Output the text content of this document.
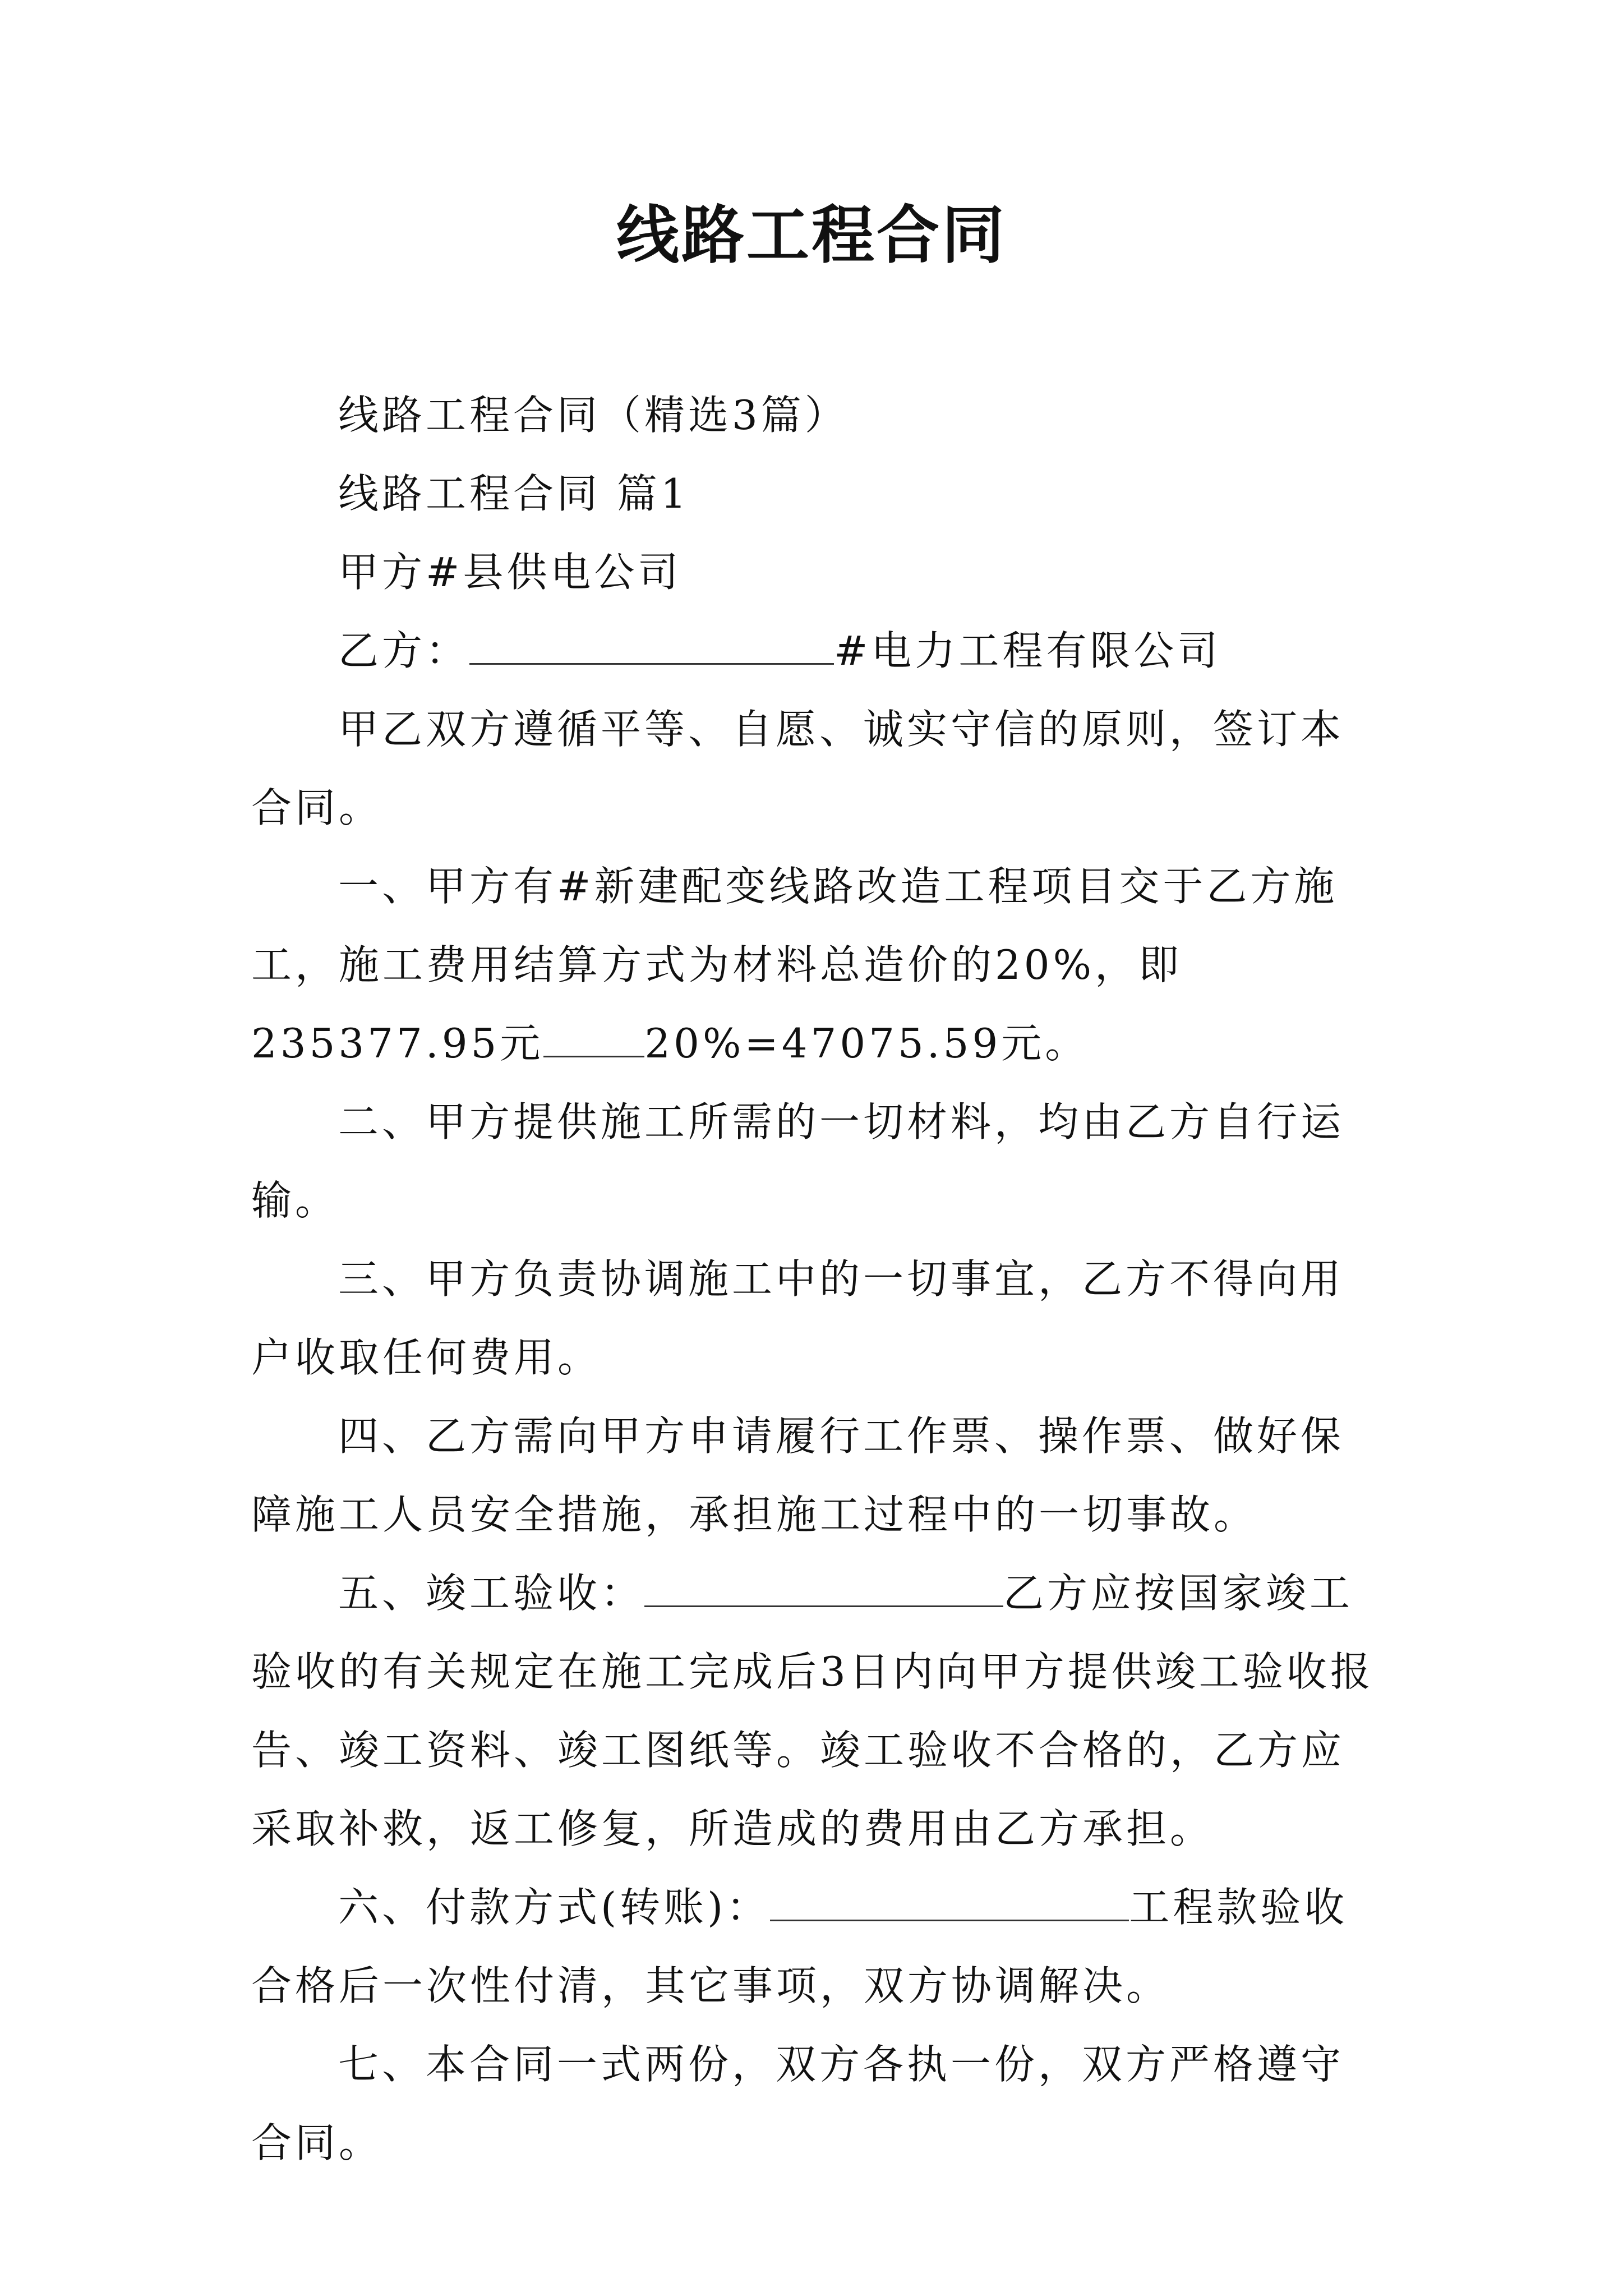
线路工程合同

线路工程合同（精选3篇）

线路工程合同 篇1

甲方#县供电公司

乙方：	#电力工程有限公司

甲乙双方遵循平等、自愿、诚实守信的原则，签订本合同。

一、甲方有#新建配变线路改造工程项目交于乙方施工，施工费用结算方式为材料总造价的20%，即235377.95元	20%=47075.59元。

二、甲方提供施工所需的一切材料，均由乙方自行运输。

三、甲方负责协调施工中的一切事宜，乙方不得向用户收取任何费用。

四、乙方需向甲方申请履行工作票、操作票、做好保障施工人员安全措施，承担施工过程中的一切事故。

五、竣工验收：	乙方应按国家竣工验收的有关规定在施工完成后3日内向甲方提供竣工验收报告、竣工资料、竣工图纸等。竣工验收不合格的，乙方应采取补救，返工修复，所造成的费用由乙方承担。

六、付款方式(转账)：	工程款验收合格后一次性付清，其它事项，双方协调解决。

七、本合同一式两份，双方各执一份，双方严格遵守合同。
